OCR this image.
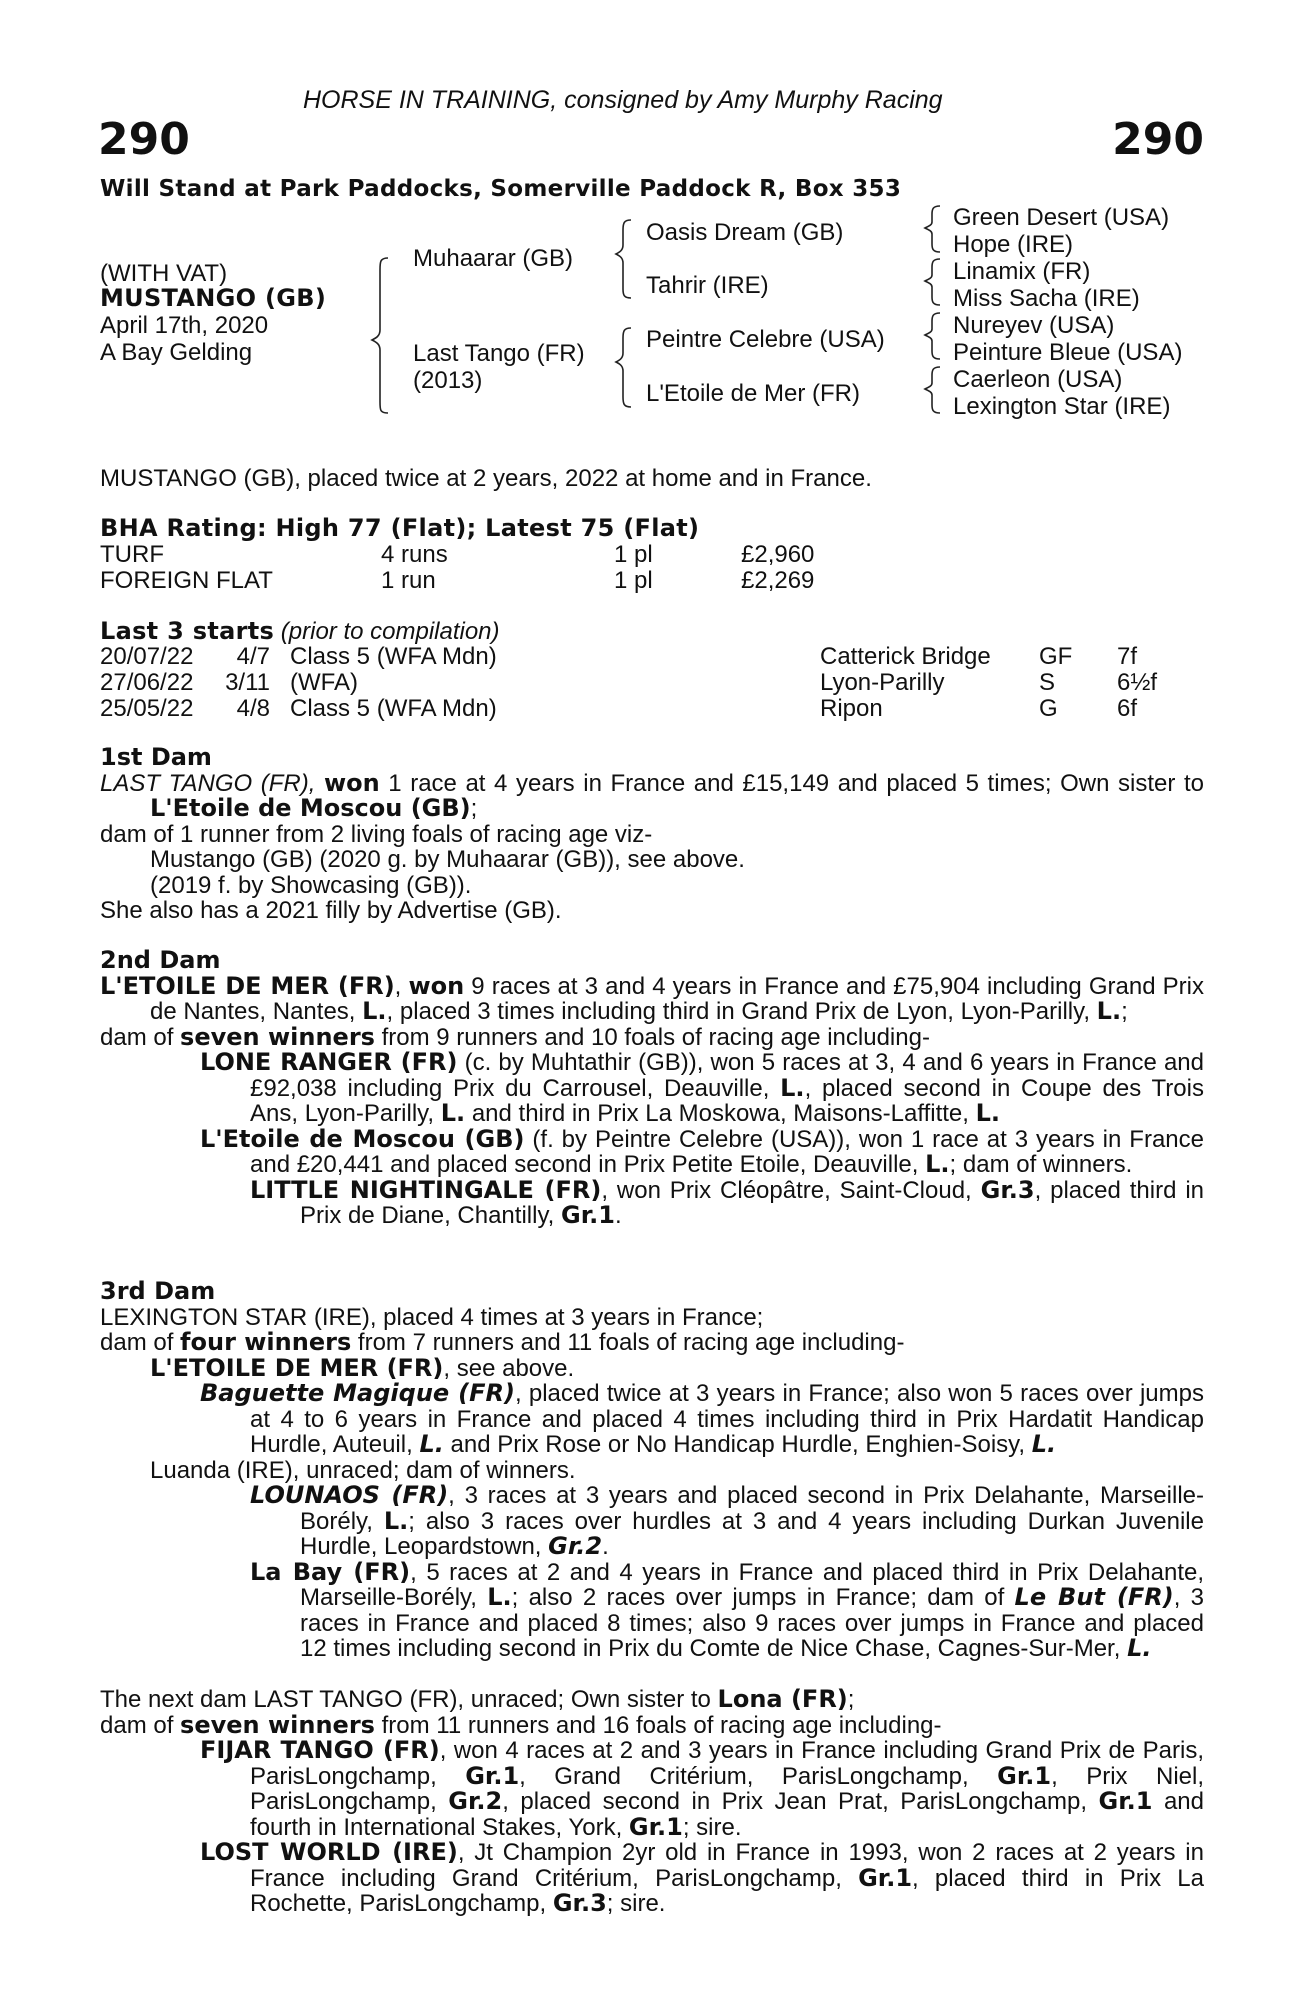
HORSE IN TRAINING, consigned by Amy Murphy Racing
290	290
Will Stand at Park Paddocks, Somerville Paddock R, Box 353
(WITH VAT)
MUSTANGO (GB)
April 17th, 2020
A Bay Gelding
Muhaarar (GB)
Last Tango (FR)
(2013)
Oasis Dream (GB)
Tahrir (IRE)
Peintre Celebre (USA)
L'Etoile de Mer (FR)
Green Desert (USA)
Hope (IRE)
Linamix (FR)
Miss Sacha (IRE)
Nureyev (USA)
Peinture Bleue (USA)
Caerleon (USA)
Lexington Star (IRE)
MUSTANGO (GB), placed twice at 2 years, 2022 at home and in France.
BHA Rating: High 77 (Flat); Latest 75 (Flat)
TURF	4 runs	1 pl	£2,960
FOREIGN FLAT	1 run	1 pl	£2,269
Last 3 starts (prior to compilation)
20/07/22	4/7 Class 5 (WFA Mdn)	Catterick Bridge GF 7f
27/06/22 3/11 (WFA)	Lyon-Parilly	S	6½f
25/05/22	4/8 Class 5 (WFA Mdn)	Ripon	G 6f

1st Dam

LAST TANGO (FR), won 1 race at 4 years in France and £15,149 and placed 5 times; Own sister to L'Etoile de Moscou (GB);

dam of 1 runner from 2 living foals of racing age viz-

Mustango (GB) (2020 g. by Muhaarar (GB)), see above.

(2019 f. by Showcasing (GB)).

She also has a 2021 filly by Advertise (GB).

2nd Dam

L'ETOILE DE MER (FR), won 9 races at 3 and 4 years in France and £75,904 including Grand Prix de Nantes, Nantes, L., placed 3 times including third in Grand Prix de Lyon, Lyon-Parilly, L.;

dam of seven winners from 9 runners and 10 foals of racing age including-

LONE RANGER (FR) (c. by Muhtathir (GB)), won 5 races at 3, 4 and 6 years in France and £92,038 including Prix du Carrousel, Deauville, L., placed second in Coupe des Trois Ans, Lyon-Parilly, L. and third in Prix La Moskowa, Maisons-Laffitte, L.

L'Etoile de Moscou (GB) (f. by Peintre Celebre (USA)), won 1 race at 3 years in France and £20,441 and placed second in Prix Petite Etoile, Deauville, L.; dam of winners.

LITTLE NIGHTINGALE (FR), won Prix Cléopâtre, Saint-Cloud, Gr.3, placed third in Prix de Diane, Chantilly, Gr.1.

3rd Dam

LEXINGTON STAR (IRE), placed 4 times at 3 years in France;

dam of four winners from 7 runners and 11 foals of racing age including-

L'ETOILE DE MER (FR), see above.

Baguette Magique (FR), placed twice at 3 years in France; also won 5 races over jumps at 4 to 6 years in France and placed 4 times including third in Prix Hardatit Handicap Hurdle, Auteuil, L. and Prix Rose or No Handicap Hurdle, Enghien-Soisy, L.

Luanda (IRE), unraced; dam of winners.

LOUNAOS (FR), 3 races at 3 years and placed second in Prix Delahante, Marseille-Borély, L.; also 3 races over hurdles at 3 and 4 years including Durkan Juvenile Hurdle, Leopardstown, Gr.2.

La Bay (FR), 5 races at 2 and 4 years in France and placed third in Prix Delahante, Marseille-Borély, L.; also 2 races over jumps in France; dam of Le But (FR), 3 races in France and placed 8 times; also 9 races over jumps in France and placed 12 times including second in Prix du Comte de Nice Chase, Cagnes-Sur-Mer, L.

The next dam LAST TANGO (FR), unraced; Own sister to Lona (FR);

dam of seven winners from 11 runners and 16 foals of racing age including-

FIJAR TANGO (FR), won 4 races at 2 and 3 years in France including Grand Prix de Paris, ParisLongchamp, Gr.1, Grand Critérium, ParisLongchamp, Gr.1, Prix Niel, ParisLongchamp, Gr.2, placed second in Prix Jean Prat, ParisLongchamp, Gr.1 and fourth in International Stakes, York, Gr.1; sire.

LOST WORLD (IRE), Jt Champion 2yr old in France in 1993, won 2 races at 2 years in France including Grand Critérium, ParisLongchamp, Gr.1, placed third in Prix La Rochette, ParisLongchamp, Gr.3; sire.
